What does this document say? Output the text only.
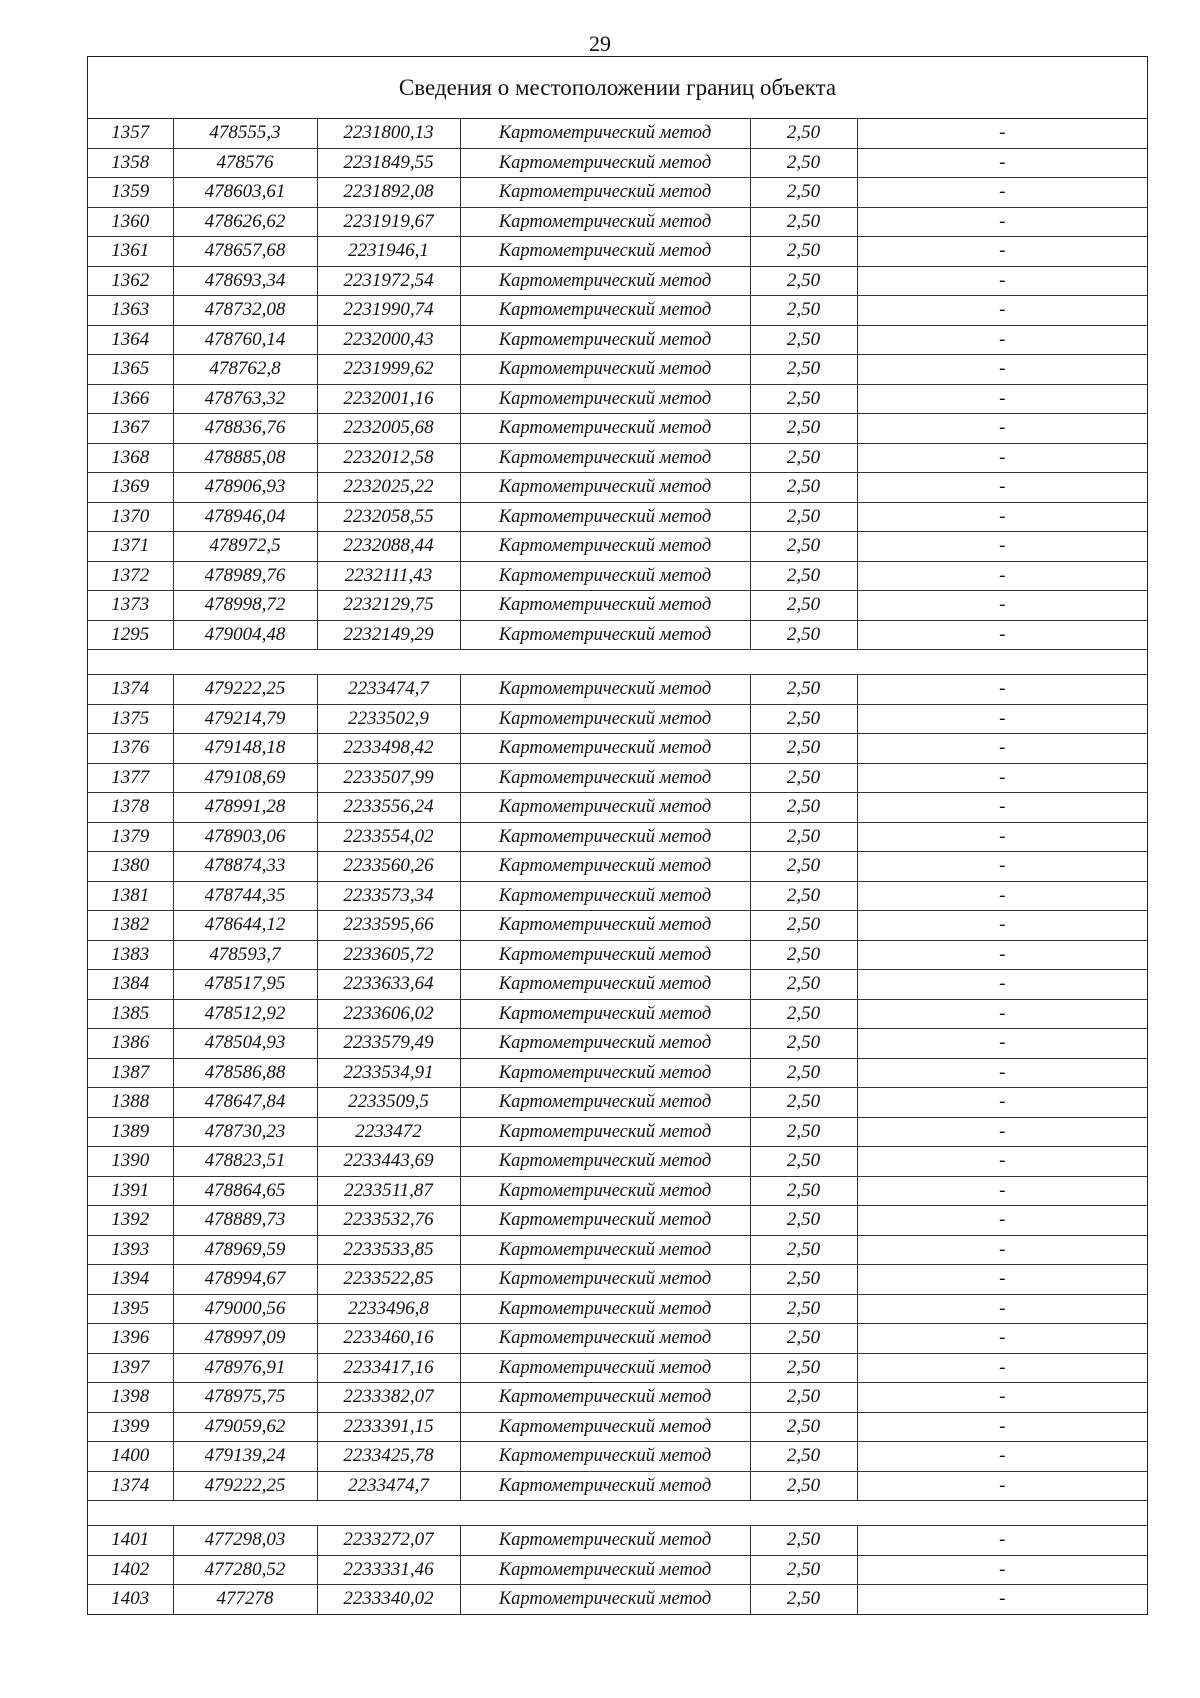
29
Сведения о местоположении границ объекта
1357	478555,3	2231800,13	Картометрический метод	2,50	-
1358	478576	2231849,55	Картометрический метод	2,50	-
1359	478603,61	2231892,08	Картометрический метод	2,50	-
1360	478626,62	2231919,67	Картометрический метод	2,50	-
1361	478657,68	2231946,1	Картометрический метод	2,50	-
1362	478693,34	2231972,54	Картометрический метод	2,50	-
1363	478732,08	2231990,74	Картометрический метод	2,50	-
1364	478760,14	2232000,43	Картометрический метод	2,50	-
1365	478762,8	2231999,62	Картометрический метод	2,50	-
1366	478763,32	2232001,16	Картометрический метод	2,50	-
1367	478836,76	2232005,68	Картометрический метод	2,50	-
1368	478885,08	2232012,58	Картометрический метод	2,50	-
1369	478906,93	2232025,22	Картометрический метод	2,50	-
1370	478946,04	2232058,55	Картометрический метод	2,50	-
1371	478972,5	2232088,44	Картометрический метод	2,50	-
1372	478989,76	2232111,43	Картометрический метод	2,50	-
1373	478998,72	2232129,75	Картометрический метод	2,50	-
1295	479004,48	2232149,29	Картометрический метод	2,50	-

1374	479222,25	2233474,7	Картометрический метод	2,50	-
1375	479214,79	2233502,9	Картометрический метод	2,50	-
1376	479148,18	2233498,42	Картометрический метод	2,50	-
1377	479108,69	2233507,99	Картометрический метод	2,50	-
1378	478991,28	2233556,24	Картометрический метод	2,50	-
1379	478903,06	2233554,02	Картометрический метод	2,50	-
1380	478874,33	2233560,26	Картометрический метод	2,50	-
1381	478744,35	2233573,34	Картометрический метод	2,50	-
1382	478644,12	2233595,66	Картометрический метод	2,50	-
1383	478593,7	2233605,72	Картометрический метод	2,50	-
1384	478517,95	2233633,64	Картометрический метод	2,50	-
1385	478512,92	2233606,02	Картометрический метод	2,50	-
1386	478504,93	2233579,49	Картометрический метод	2,50	-
1387	478586,88	2233534,91	Картометрический метод	2,50	-
1388	478647,84	2233509,5	Картометрический метод	2,50	-
1389	478730,23	2233472	Картометрический метод	2,50	-
1390	478823,51	2233443,69	Картометрический метод	2,50	-
1391	478864,65	2233511,87	Картометрический метод	2,50	-
1392	478889,73	2233532,76	Картометрический метод	2,50	-
1393	478969,59	2233533,85	Картометрический метод	2,50	-
1394	478994,67	2233522,85	Картометрический метод	2,50	-
1395	479000,56	2233496,8	Картометрический метод	2,50	-
1396	478997,09	2233460,16	Картометрический метод	2,50	-
1397	478976,91	2233417,16	Картометрический метод	2,50	-
1398	478975,75	2233382,07	Картометрический метод	2,50	-
1399	479059,62	2233391,15	Картометрический метод	2,50	-
1400	479139,24	2233425,78	Картометрический метод	2,50	-
1374	479222,25	2233474,7	Картометрический метод	2,50	-

1401	477298,03	2233272,07	Картометрический метод	2,50	-
1402	477280,52	2233331,46	Картометрический метод	2,50	-
1403	477278	2233340,02	Картометрический метод	2,50	-
